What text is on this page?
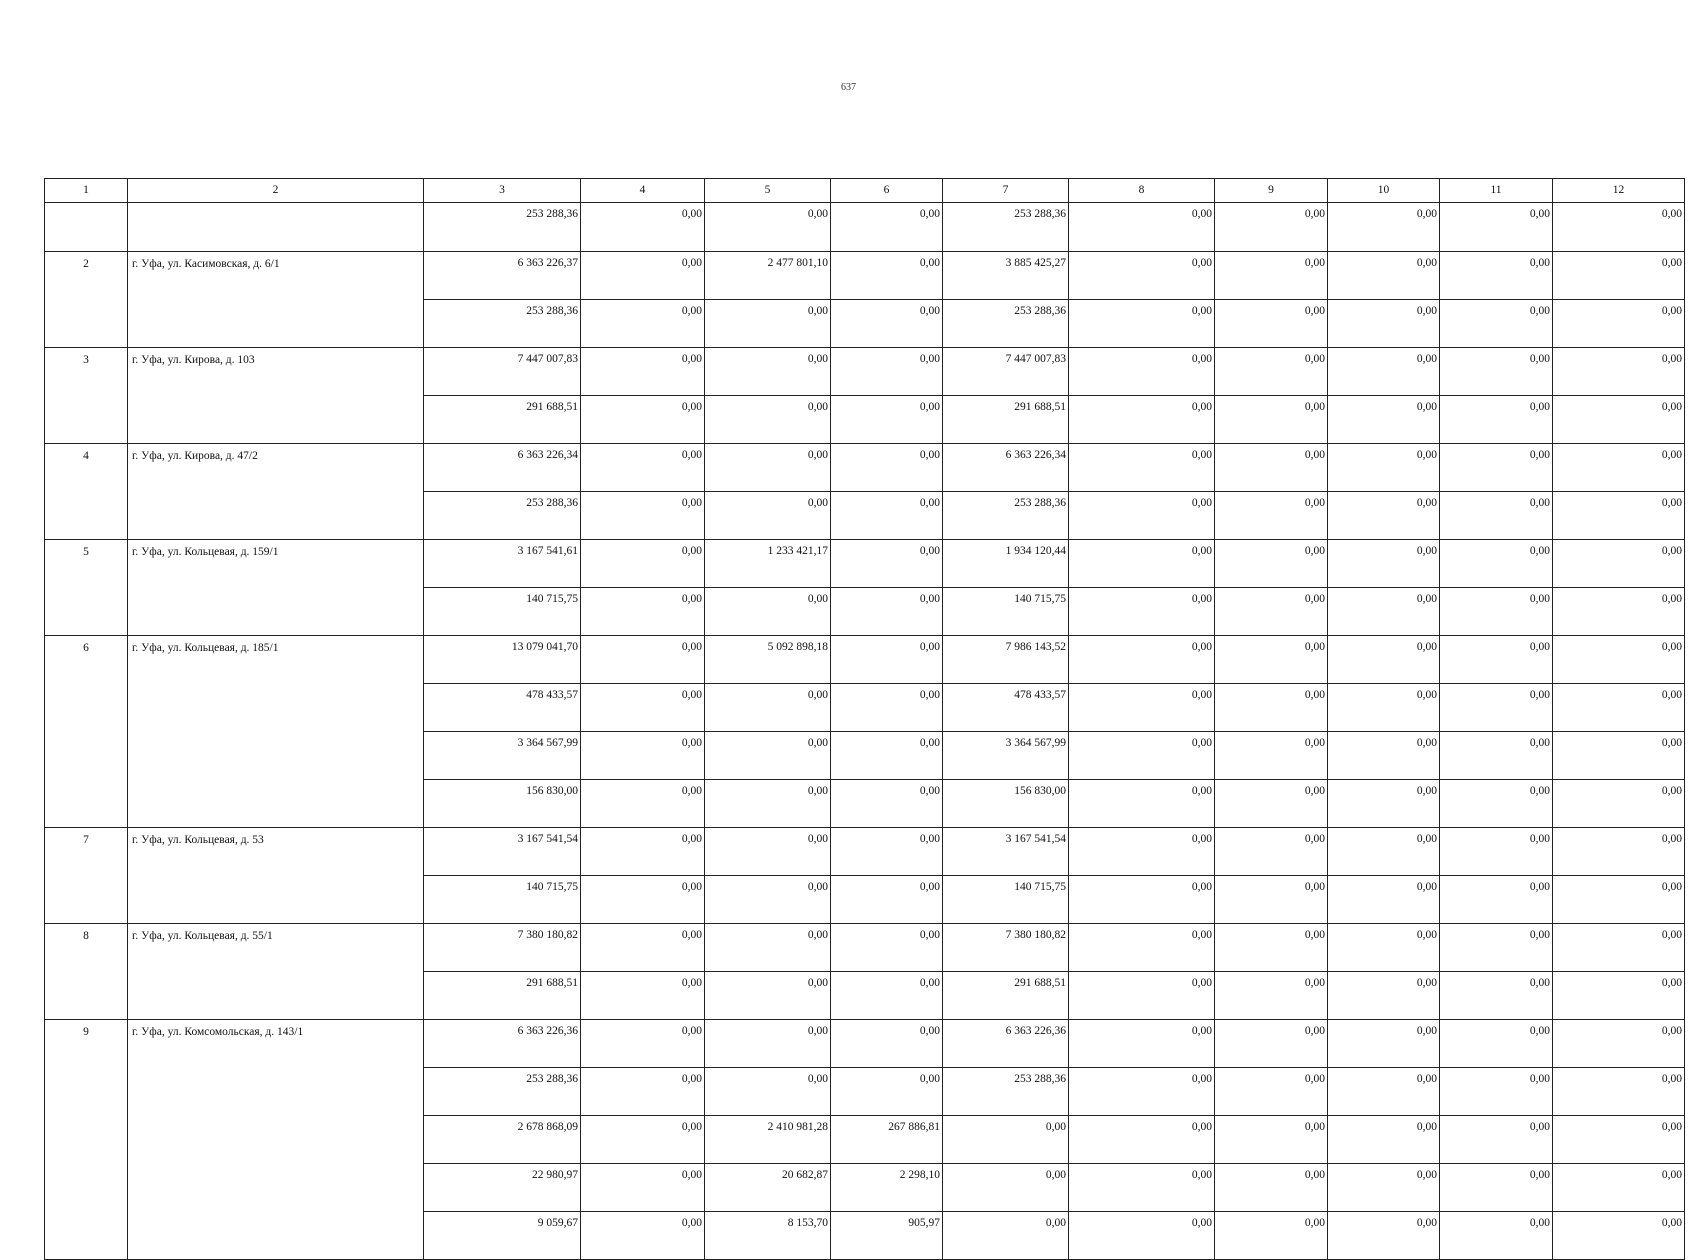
637
1	2	3	4	5	6	7	8	9	10	11	12
		253 288,36	0,00	0,00	0,00	253 288,36	0,00	0,00	0,00	0,00	0,00
2	г. Уфа, ул. Касимовская, д. 6/1	6 363 226,37	0,00	2 477 801,10	0,00	3 885 425,27	0,00	0,00	0,00	0,00	0,00
		253 288,36	0,00	0,00	0,00	253 288,36	0,00	0,00	0,00	0,00	0,00
3	г. Уфа, ул. Кирова, д. 103	7 447 007,83	0,00	0,00	0,00	7 447 007,83	0,00	0,00	0,00	0,00	0,00
		291 688,51	0,00	0,00	0,00	291 688,51	0,00	0,00	0,00	0,00	0,00
4	г. Уфа, ул. Кирова, д. 47/2	6 363 226,34	0,00	0,00	0,00	6 363 226,34	0,00	0,00	0,00	0,00	0,00
		253 288,36	0,00	0,00	0,00	253 288,36	0,00	0,00	0,00	0,00	0,00
5	г. Уфа, ул. Кольцевая, д. 159/1	3 167 541,61	0,00	1 233 421,17	0,00	1 934 120,44	0,00	0,00	0,00	0,00	0,00
		140 715,75	0,00	0,00	0,00	140 715,75	0,00	0,00	0,00	0,00	0,00
6	г. Уфа, ул. Кольцевая, д. 185/1	13 079 041,70	0,00	5 092 898,18	0,00	7 986 143,52	0,00	0,00	0,00	0,00	0,00
		478 433,57	0,00	0,00	0,00	478 433,57	0,00	0,00	0,00	0,00	0,00
		3 364 567,99	0,00	0,00	0,00	3 364 567,99	0,00	0,00	0,00	0,00	0,00
		156 830,00	0,00	0,00	0,00	156 830,00	0,00	0,00	0,00	0,00	0,00
7	г. Уфа, ул. Кольцевая, д. 53	3 167 541,54	0,00	0,00	0,00	3 167 541,54	0,00	0,00	0,00	0,00	0,00
		140 715,75	0,00	0,00	0,00	140 715,75	0,00	0,00	0,00	0,00	0,00
8	г. Уфа, ул. Кольцевая, д. 55/1	7 380 180,82	0,00	0,00	0,00	7 380 180,82	0,00	0,00	0,00	0,00	0,00
		291 688,51	0,00	0,00	0,00	291 688,51	0,00	0,00	0,00	0,00	0,00
9	г. Уфа, ул. Комсомольская, д. 143/1	6 363 226,36	0,00	0,00	0,00	6 363 226,36	0,00	0,00	0,00	0,00	0,00
		253 288,36	0,00	0,00	0,00	253 288,36	0,00	0,00	0,00	0,00	0,00
		2 678 868,09	0,00	2 410 981,28	267 886,81	0,00	0,00	0,00	0,00	0,00	0,00
		22 980,97	0,00	20 682,87	2 298,10	0,00	0,00	0,00	0,00	0,00	0,00
		9 059,67	0,00	8 153,70	905,97	0,00	0,00	0,00	0,00	0,00	0,00
